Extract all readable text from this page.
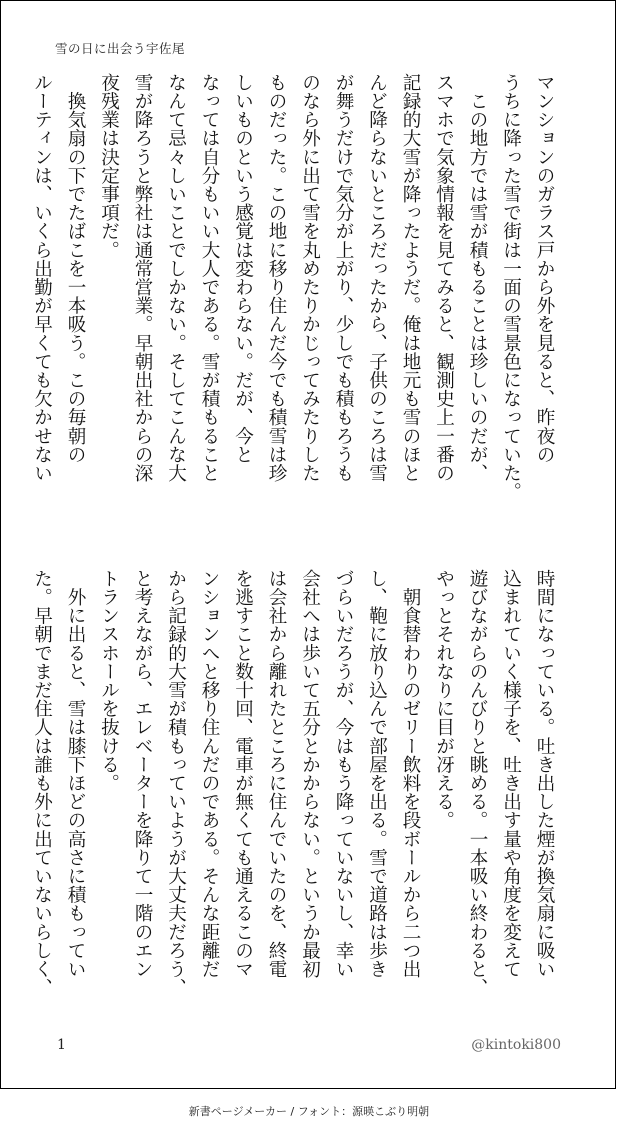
雪の日に出会う宇佐尾
マンションのガラス戸から外を見ると、昨夜の
うちに降った雪で街は一面の雪景色になっていた。
　この地方では雪が積もることは珍しいのだが、
スマホで気象情報を見てみると、観測史上一番の
記録的大雪が降ったようだ。俺は地元も雪のほと
んど降らないところだったから、子供のころは雪
が舞うだけで気分が上がり、少しでも積もろうも
のなら外に出て雪を丸めたりかじってみたりした
ものだった。この地に移り住んだ今でも積雪は珍
しいものという感覚は変わらない。だが、今と
なっては自分もいい大人である。雪が積もること
なんて忌々しいことでしかない。そしてこんな大
雪が降ろうと弊社は通常営業。早朝出社からの深
夜残業は決定事項だ。
　換気扇の下でたばこを一本吸う。この毎朝の
ルーティンは、いくら出勤が早くても欠かせない
時間になっている。吐き出した煙が換気扇に吸い
込まれていく様子を、吐き出す量や角度を変えて
遊びながらのんびりと眺める。一本吸い終わると、
やっとそれなりに目が冴える。
　朝食替わりのゼリー飲料を段ボールから二つ出
し、鞄に放り込んで部屋を出る。雪で道路は歩き
づらいだろうが、今はもう降っていないし、幸い
会社へは歩いて五分とかからない。というか最初
は会社から離れたところに住んでいたのを、終電
を逃すこと数十回、電車が無くても通えるこのマ
ンションへと移り住んだのである。そんな距離だ
から記録的大雪が積もっていようが大丈夫だろう、
と考えながら、エレベーターを降りて一階のエン
トランスホールを抜ける。
　外に出ると、雪は膝下ほどの高さに積もってい
た。早朝でまだ住人は誰も外に出ていないらしく、
1	@kintoki800
新書ページメーカー / フォント：源暎こぶり明朝
